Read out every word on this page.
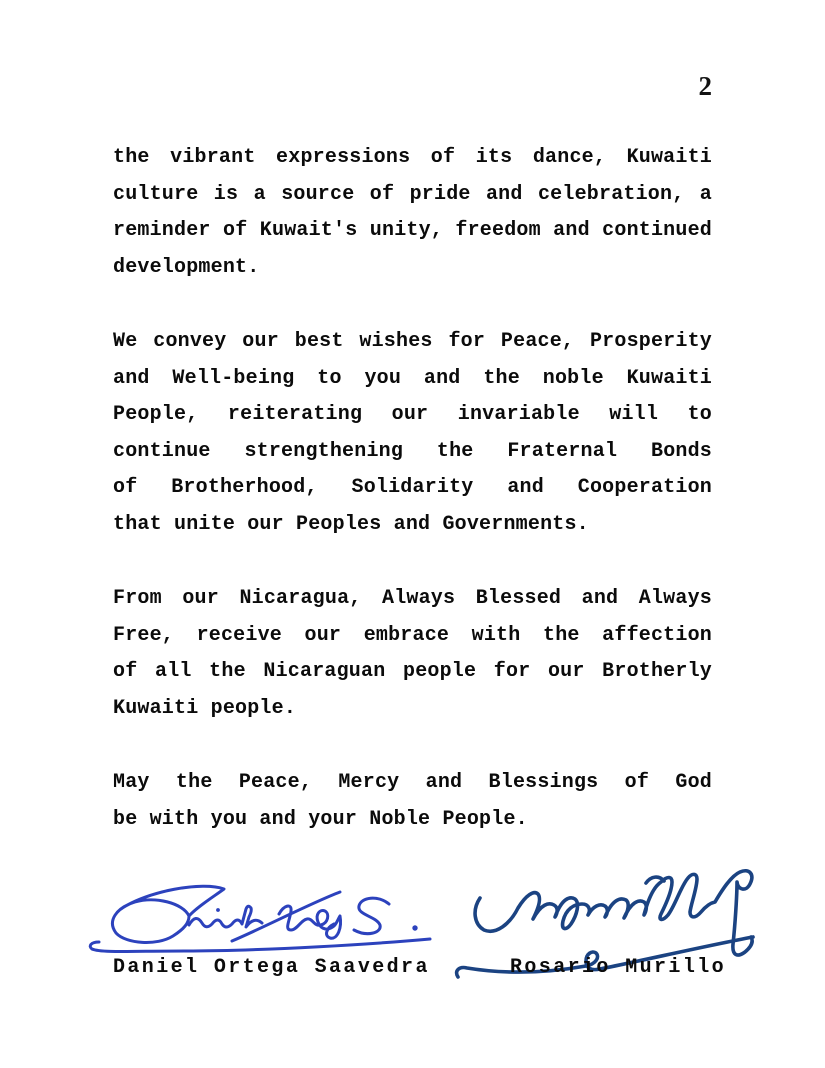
2
the vibrant expressions of its dance, Kuwaiti
culture is a source of pride and celebration, a
reminder of Kuwait's unity, freedom and continued
development.
We convey our best wishes for Peace, Prosperity
and Well-being to you and the noble Kuwaiti
People, reiterating our invariable will to
continue strengthening the Fraternal Bonds
of Brotherhood, Solidarity and Cooperation
that unite our Peoples and Governments.
From our Nicaragua, Always Blessed and Always
Free, receive our embrace with the affection
of all the Nicaraguan people for our Brotherly
Kuwaiti people.
May the Peace, Mercy and Blessings of God
be with you and your Noble People.
Daniel Ortega Saavedra	Rosario Murillo
